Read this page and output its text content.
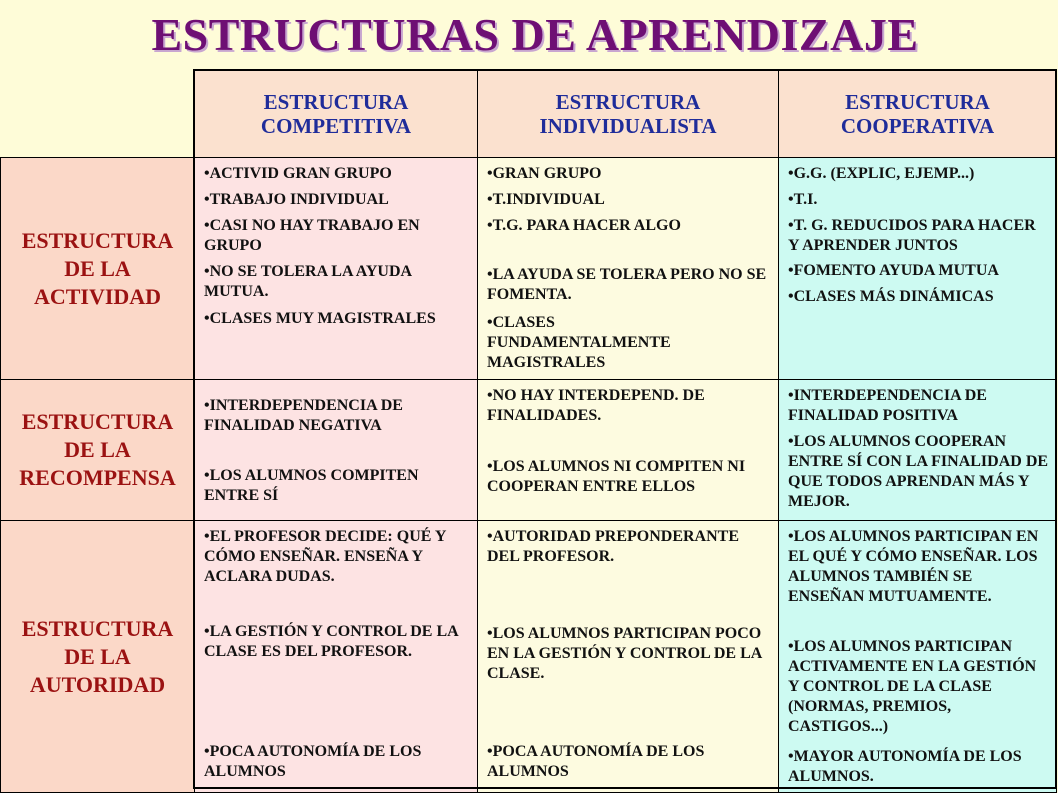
ESTRUCTURAS DE APRENDIZAJE
ESTRUCTURA
COMPETITIVA
ESTRUCTURA
INDIVIDUALISTA
ESTRUCTURA
COOPERATIVA
ESTRUCTURA
DE LA
ACTIVIDAD
ESTRUCTURA
DE LA
RECOMPENSA
ESTRUCTURA
DE LA
AUTORIDAD
•ACTIVID GRAN GRUPO
•TRABAJO INDIVIDUAL
•CASI NO HAY TRABAJO EN GRUPO
•NO SE TOLERA LA AYUDA MUTUA.
•CLASES MUY MAGISTRALES
•GRAN GRUPO
•T.INDIVIDUAL
•T.G. PARA HACER ALGO
•LA AYUDA SE TOLERA PERO NO SE FOMENTA.
•CLASES FUNDAMENTALMENTE MAGISTRALES
•G.G. (EXPLIC, EJEMP...)
•T.I.
•T. G. REDUCIDOS PARA HACER Y APRENDER JUNTOS
•FOMENTO AYUDA MUTUA
•CLASES MÁS DINÁMICAS
•INTERDEPENDENCIA DE FINALIDAD NEGATIVA
•LOS ALUMNOS COMPITEN ENTRE SÍ
•NO HAY INTERDEPEND. DE FINALIDADES.
•LOS ALUMNOS NI COMPITEN NI COOPERAN ENTRE ELLOS
•INTERDEPENDENCIA DE FINALIDAD POSITIVA
•LOS ALUMNOS COOPERAN ENTRE SÍ CON LA FINALIDAD DE QUE TODOS APRENDAN MÁS Y MEJOR.
•EL PROFESOR DECIDE: QUÉ Y CÓMO ENSEÑAR. ENSEÑA Y ACLARA DUDAS.
•LA GESTIÓN Y CONTROL DE LA CLASE ES DEL PROFESOR.
•POCA AUTONOMÍA DE LOS ALUMNOS
•AUTORIDAD PREPONDERANTE DEL PROFESOR.
•LOS ALUMNOS PARTICIPAN POCO EN LA GESTIÓN Y CONTROL DE LA CLASE.
•POCA AUTONOMÍA DE LOS ALUMNOS
•LOS ALUMNOS PARTICIPAN EN EL QUÉ Y CÓMO ENSEÑAR. LOS ALUMNOS TAMBIÉN SE ENSEÑAN MUTUAMENTE.
•LOS ALUMNOS PARTICIPAN ACTIVAMENTE EN LA GESTIÓN Y CONTROL DE LA CLASE (NORMAS, PREMIOS, CASTIGOS...)
•MAYOR AUTONOMÍA DE LOS ALUMNOS.
